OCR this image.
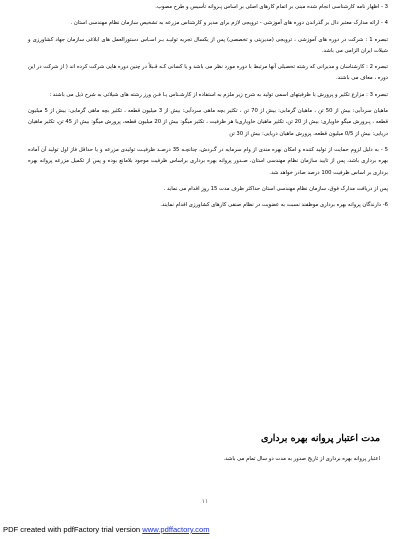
3 - اظهار نامه کارشناسی انجام شده مبنی بر اتمام کارهای اصلی بر اساس پـروانه تأسیس و طرح مصوب.

4 - ارائه مدارک معتبر دال بر گذراندن دوره های آموزشی - ترویجی لازم برای مدیر و کارشناس مزرعه به تشخیص سازمان نظام مهندسی استان .

تبصره 1 : شرکت در دوره های آموزشی ، ترویجی (مدیریتی و تخصصی) پس از یکسال تجربه تولیـد بـر اسـاس دستورالعمل های ابلاغی سازمان جهاد کشاورزی و شیلات ایران الزامی می باشد.

تبصره 2 : کارشناسان و مدیرانی که رشته تحصیلی آنها مرتبط با دوره مورد نظر می باشد و یا کسانی کـه قـبلاً در چنین دوره هایی شرکت کرده اند ( از شرکت در این دوره ، معاف می باشند.

تبصره 3 : مزارع تکثیر و پرورش با ظرفیتهای اسمی تولید به شرح زیر ملزم به استفاده از کارشـناس یـا فـن ورز رشته های شیلاتی به شرح ذیل می باشند :

ماهیان سردآبی: بیش از 50 تن ، ماهیان گرمابی: بیش از 70 تن ، تکثیر بچه ماهی سردآبی: بیش از 3 میلیون قطعه ، تکثیر بچه ماهی گرمابی: بیش از 5 میلیون قطعه ، پـرورش میگو خاویاری: بیش از 20 تن، تکثیر ماهیان خاویاری‌با هر ظرفیت ، تکثیر میگو: بیش از 20 میلیون قطعه، پرورش میگو: بیش از 45 تن، تکثیر ماهیان دریایی: بیش از 0/5 میلیون قطعه، پرورش ماهیان دریایی: بیش از 30 تن

5 - به دلیل لزوم حمایت از تولید کننده و امکان بهره مندی از وام سرمایه در گـردش، چنانچـه 35 درصـد ظرفیـت تولیدی مزرعه و یا حداقل فاز اول تولید آن آماده بهره برداری باشد، پس از تایید سازمان نظام مهندسی استان، صـدور پروانه بهره برداری براساس ظرفیت موجود بلامانع بوده و پس از تکمیل مزرعه پروانه بهره برداری بر اساس ظرفیت 100 درصد صادر خواهد شد.

پس از دریافت مدارک فوق، سازمان نظام مهندسی استان حداکثر ظرف مدت 15 روز اقدام می نماید .

6- دارندگان پروانه بهره برداری موظفند نسبت به عضویت در نظام صنفی کارهای کشاورزی اقدام نمایند.

مدت اعتبار پروانه بهره برداری
اعتبار پروانه بهره برداری از تاریخ صدور به مدت دو سال تمام می باشد.
١١
PDF created with pdfFactory trial version www.pdffactory.com
